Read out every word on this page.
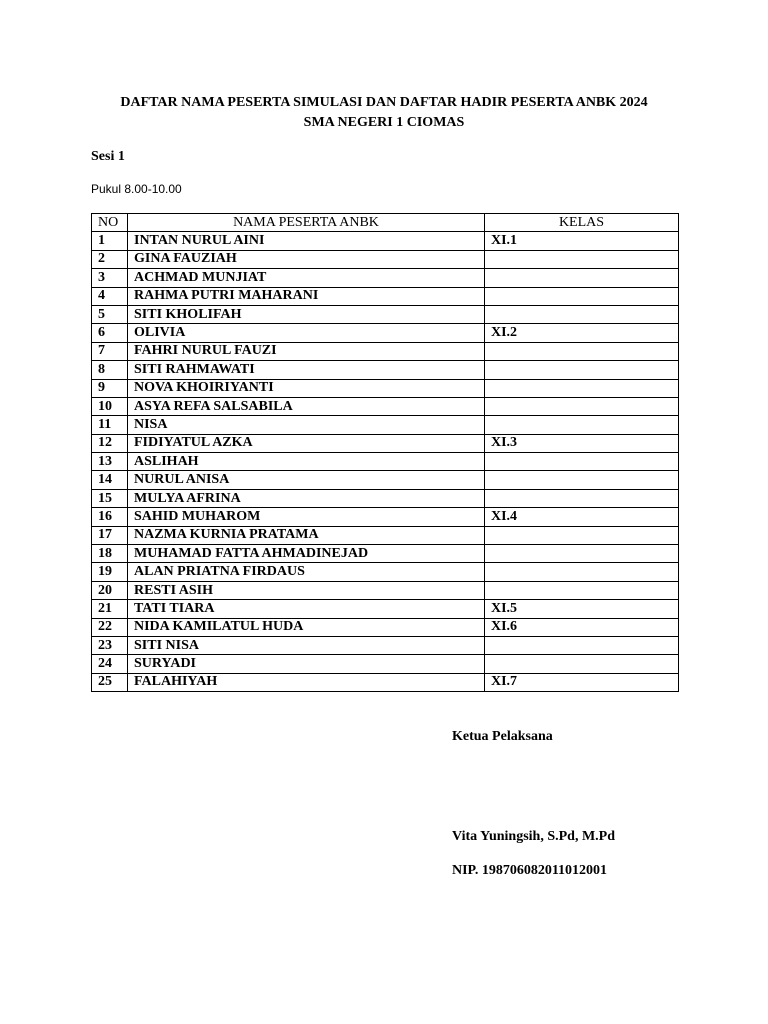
DAFTAR NAMA PESERTA SIMULASI DAN DAFTAR HADIR PESERTA ANBK 2024
SMA NEGERI 1 CIOMAS
Sesi 1
Pukul 8.00-10.00
NO	NAMA PESERTA ANBK	KELAS
1	INTAN NURUL AINI	XI.1
2	GINA FAUZIAH	
3	ACHMAD MUNJIAT	
4	RAHMA PUTRI MAHARANI	
5	SITI KHOLIFAH	
6	OLIVIA	XI.2
7	FAHRI NURUL FAUZI	
8	SITI RAHMAWATI	
9	NOVA KHOIRIYANTI	
10	ASYA REFA SALSABILA	
11	NISA	
12	FIDIYATUL AZKA	XI.3
13	ASLIHAH	
14	NURUL ANISA	
15	MULYA AFRINA	
16	SAHID MUHAROM	XI.4
17	NAZMA KURNIA PRATAMA	
18	MUHAMAD FATTA AHMADINEJAD	
19	ALAN PRIATNA FIRDAUS	
20	RESTI ASIH	
21	TATI TIARA	XI.5
22	NIDA KAMILATUL HUDA	XI.6
23	SITI NISA	
24	SURYADI	
25	FALAHIYAH	XI.7
Ketua Pelaksana
Vita Yuningsih, S.Pd, M.Pd
NIP. 198706082011012001
